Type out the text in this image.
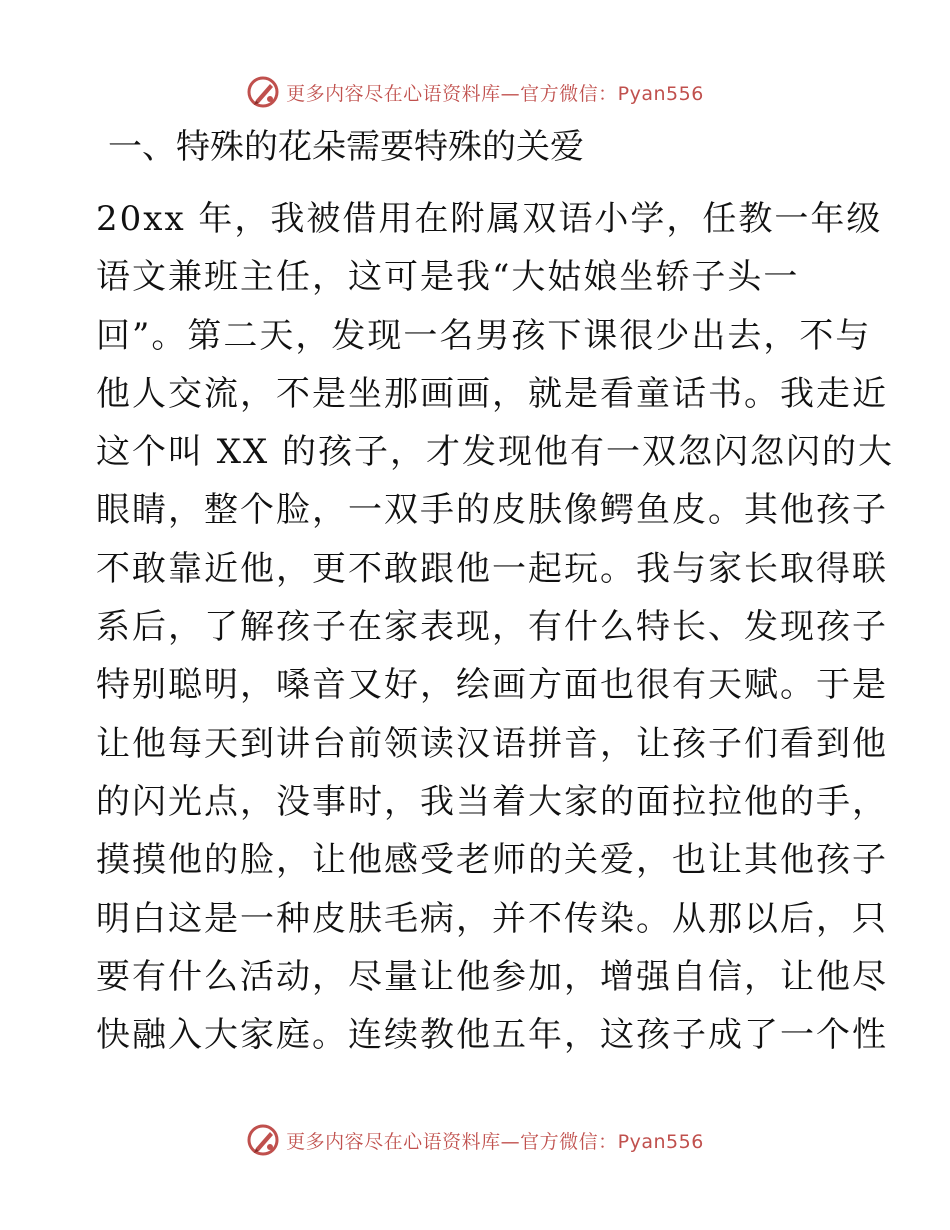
更多内容尽在心语资料库—官方微信：Pyan556
一、特殊的花朵需要特殊的关爱
20xx 年，我被借用在附属双语小学，任教一年级
语文兼班主任，这可是我“大姑娘坐轿子头一
回”。第二天，发现一名男孩下课很少出去，不与
他人交流，不是坐那画画，就是看童话书。我走近
这个叫 XX 的孩子，才发现他有一双忽闪忽闪的大
眼睛，整个脸，一双手的皮肤像鳄鱼皮。其他孩子
不敢靠近他，更不敢跟他一起玩。我与家长取得联
系后，了解孩子在家表现，有什么特长、发现孩子
特别聪明，嗓音又好，绘画方面也很有天赋。于是
让他每天到讲台前领读汉语拼音，让孩子们看到他
的闪光点，没事时，我当着大家的面拉拉他的手，
摸摸他的脸，让他感受老师的关爱，也让其他孩子
明白这是一种皮肤毛病，并不传染。从那以后，只
要有什么活动，尽量让他参加，增强自信，让他尽
快融入大家庭。连续教他五年，这孩子成了一个性
更多内容尽在心语资料库—官方微信：Pyan556
